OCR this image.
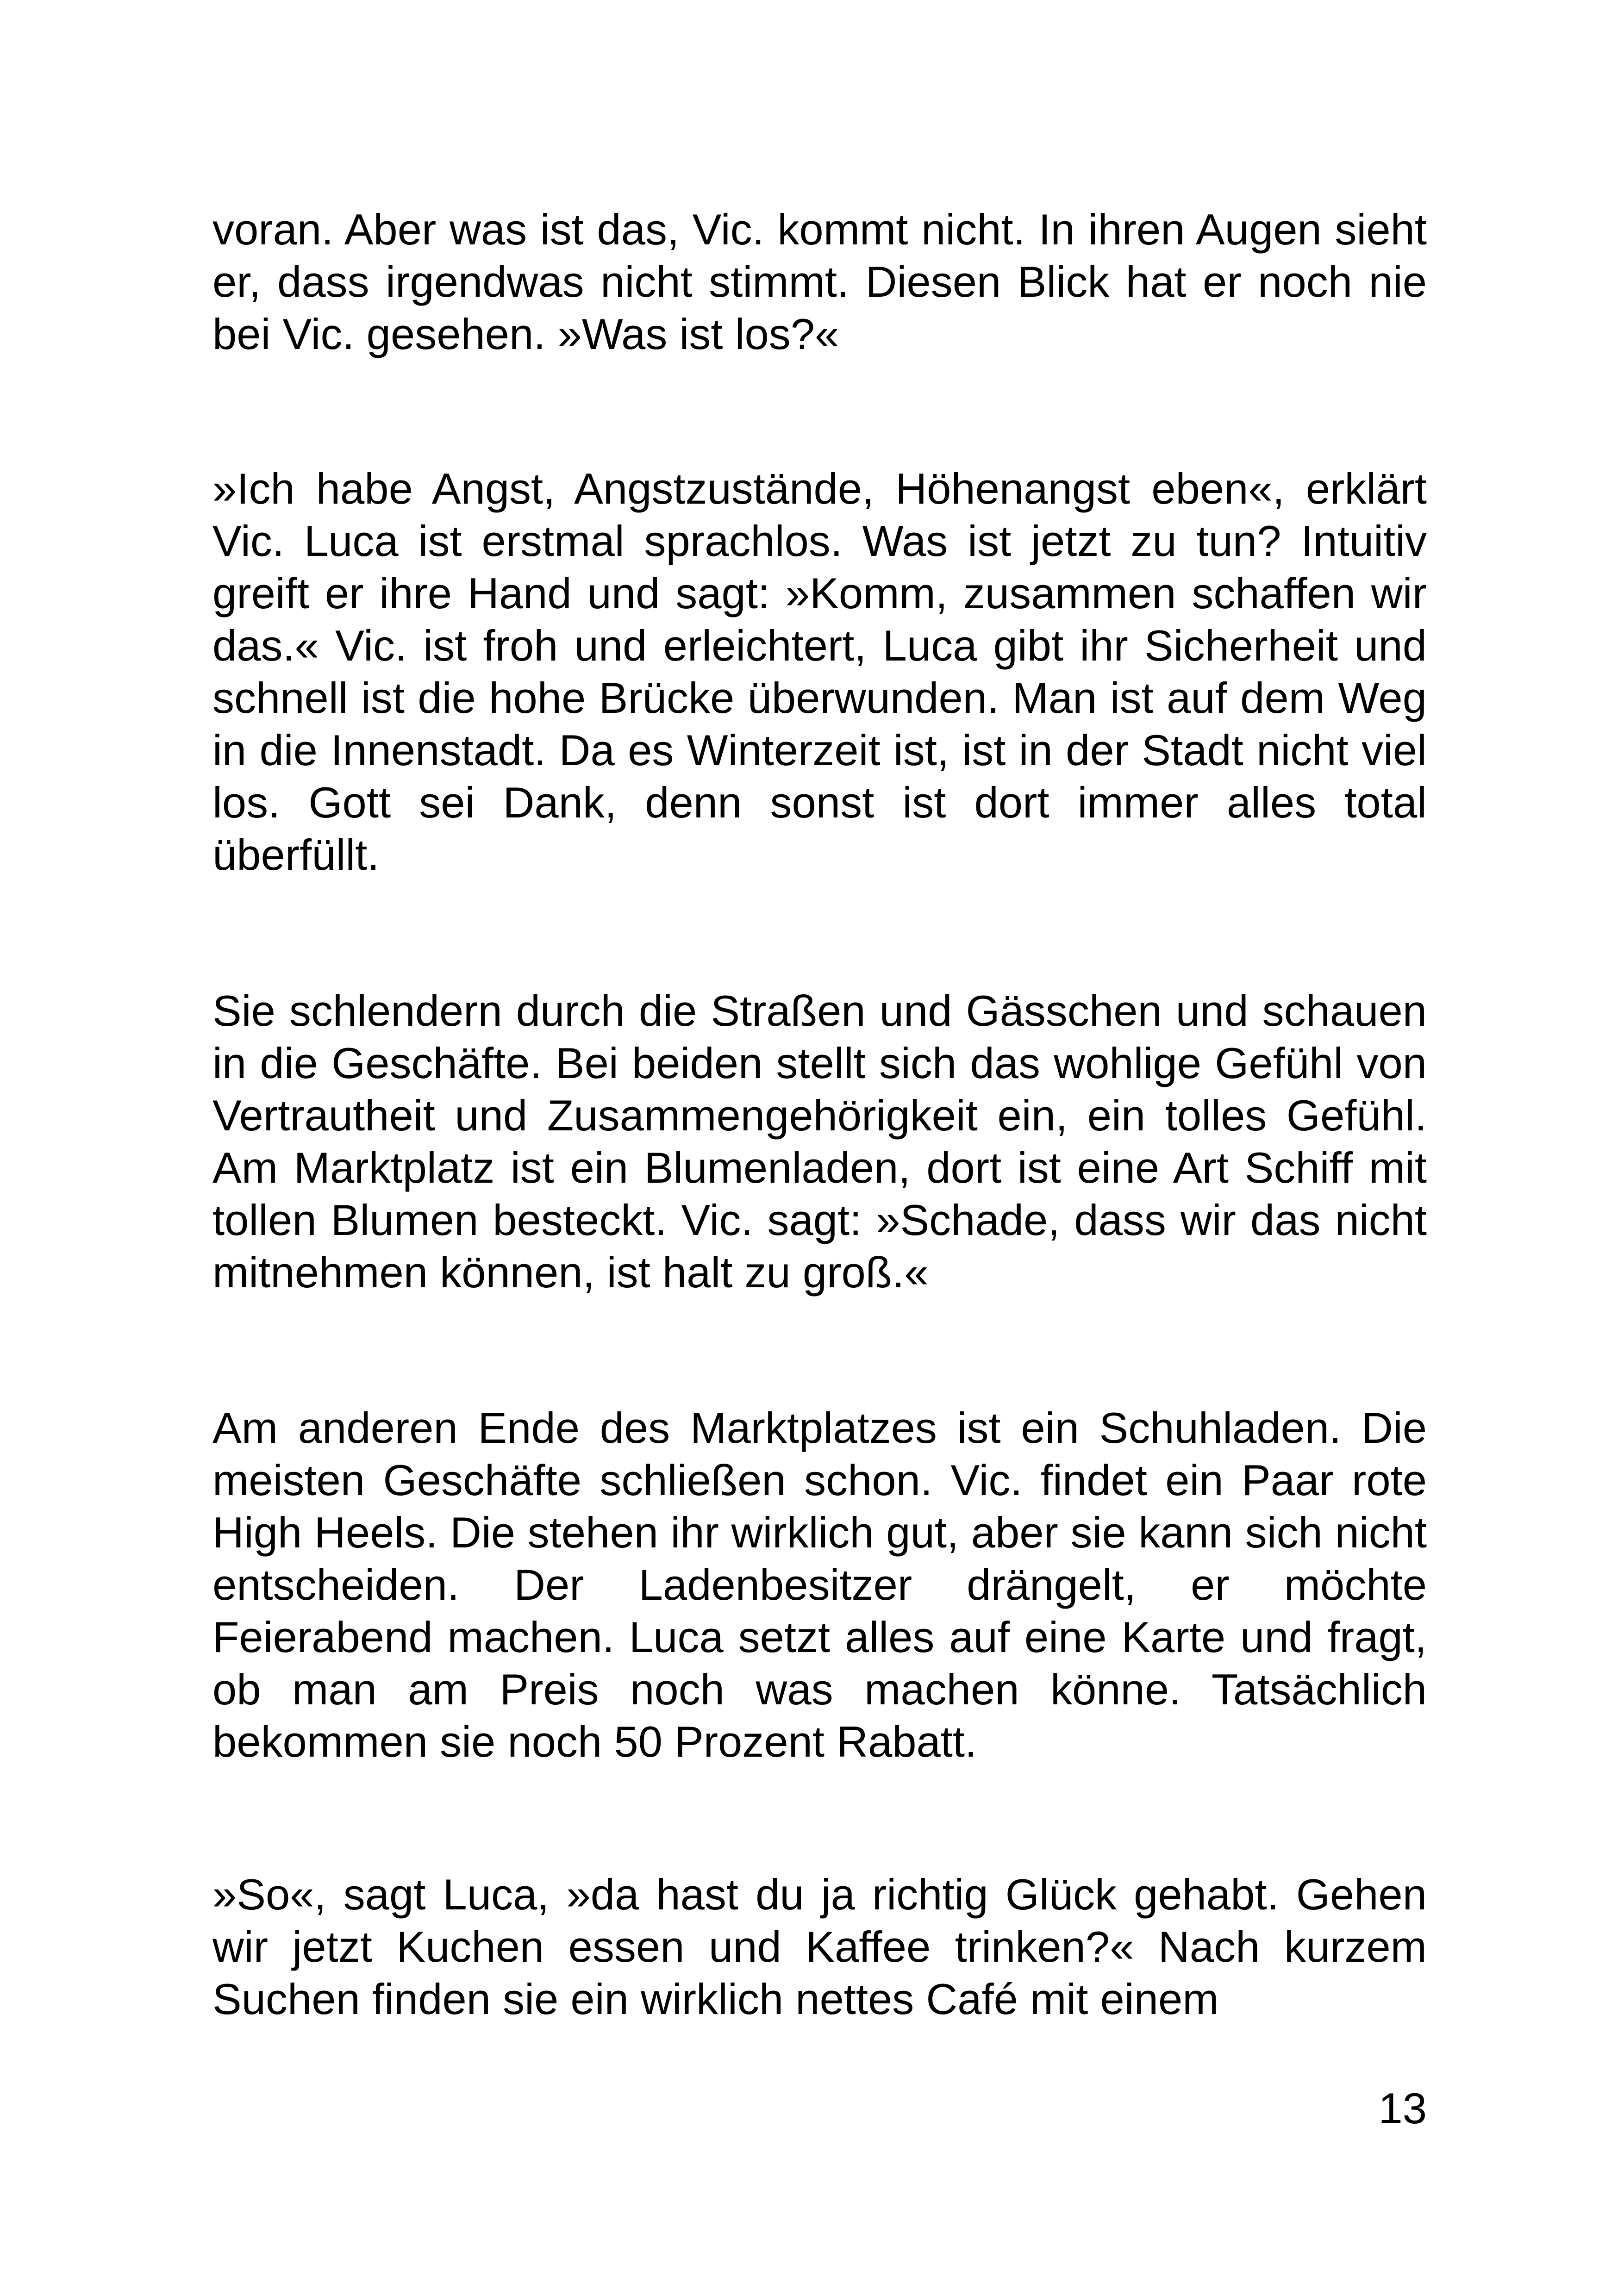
voran. Aber was ist das, Vic. kommt nicht. In ihren Augen sieht er, dass irgendwas nicht stimmt. Diesen Blick hat er noch nie bei Vic. gesehen. »Was ist los?«

»Ich habe Angst, Angstzustände, Höhenangst eben«, erklärt Vic. Luca ist erstmal sprachlos. Was ist jetzt zu tun? Intuitiv greift er ihre Hand und sagt: »Komm, zusammen schaffen wir das.« Vic. ist froh und erleichtert, Luca gibt ihr Sicherheit und schnell ist die hohe Brücke überwunden. Man ist auf dem Weg in die Innenstadt. Da es Winterzeit ist, ist in der Stadt nicht viel los. Gott sei Dank, denn sonst ist dort immer alles total überfüllt.

Sie schlendern durch die Straßen und Gässchen und schauen in die Geschäfte. Bei beiden stellt sich das wohlige Gefühl von Vertrautheit und Zusammengehörigkeit ein, ein tolles Gefühl. Am Marktplatz ist ein Blumenladen, dort ist eine Art Schiff mit tollen Blumen besteckt. Vic. sagt: »Schade, dass wir das nicht mitnehmen können, ist halt zu groß.«

Am anderen Ende des Marktplatzes ist ein Schuhladen. Die meisten Geschäfte schließen schon. Vic. findet ein Paar rote High Heels. Die stehen ihr wirklich gut, aber sie kann sich nicht entscheiden. Der Ladenbesitzer drängelt, er möchte Feierabend machen. Luca setzt alles auf eine Karte und fragt, ob man am Preis noch was machen könne. Tatsächlich bekommen sie noch 50 Prozent Rabatt.

»So«, sagt Luca, »da hast du ja richtig Glück gehabt. Gehen wir jetzt Kuchen essen und Kaffee trinken?« Nach kurzem Suchen finden sie ein wirklich nettes Café mit einem

13
